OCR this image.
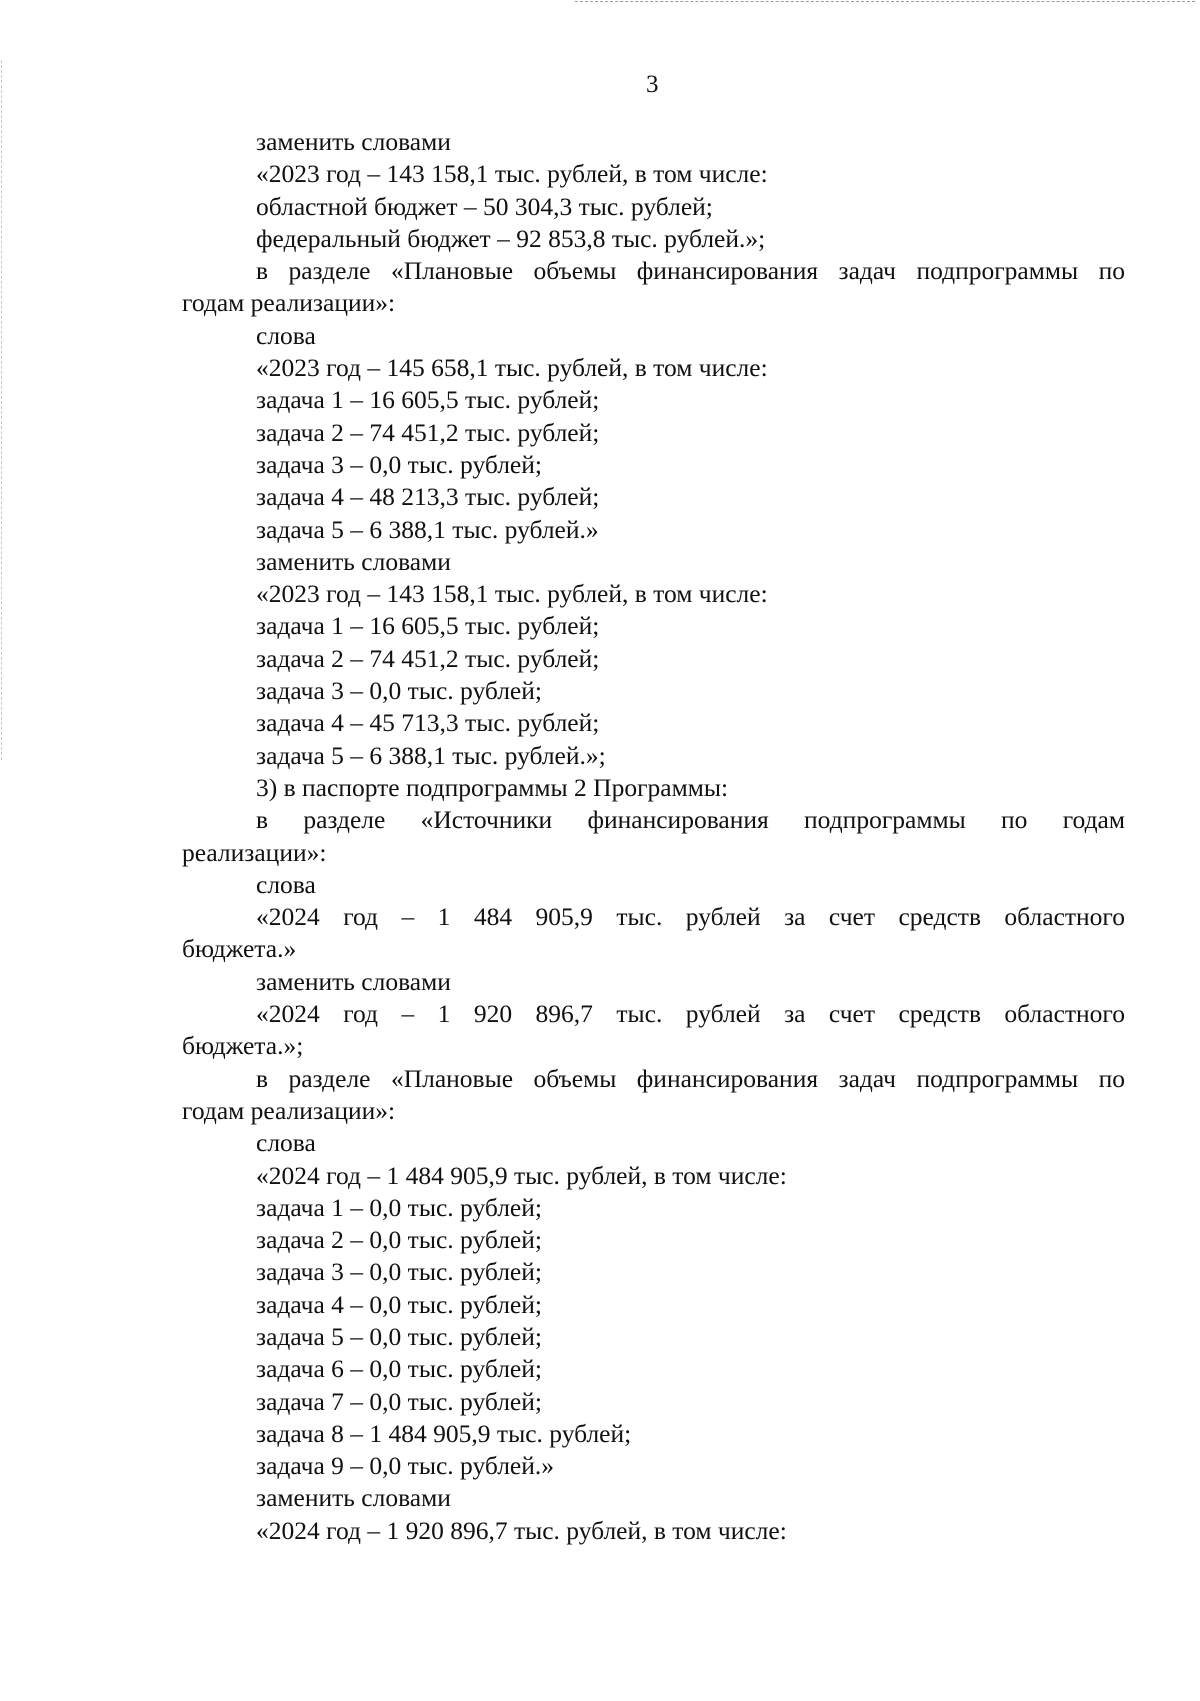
3
заменить словами
«2023 год – 143 158,1 тыс. рублей, в том числе:
областной бюджет – 50 304,3 тыс. рублей;
федеральный бюджет – 92 853,8 тыс. рублей.»;
в разделе «Плановые объемы финансирования задач подпрограммы по
годам реализации»:
слова
«2023 год – 145 658,1 тыс. рублей, в том числе:
задача 1 – 16 605,5 тыс. рублей;
задача 2 – 74 451,2 тыс. рублей;
задача 3 – 0,0 тыс. рублей;
задача 4 – 48 213,3 тыс. рублей;
задача 5 – 6 388,1 тыс. рублей.»
заменить словами
«2023 год – 143 158,1 тыс. рублей, в том числе:
задача 1 – 16 605,5 тыс. рублей;
задача 2 – 74 451,2 тыс. рублей;
задача 3 – 0,0 тыс. рублей;
задача 4 – 45 713,3 тыс. рублей;
задача 5 – 6 388,1 тыс. рублей.»;
3) в паспорте подпрограммы 2 Программы:
в разделе «Источники финансирования подпрограммы по годам
реализации»:
слова
«2024 год – 1 484 905,9 тыс. рублей за счет средств областного
бюджета.»
заменить словами
«2024 год – 1 920 896,7 тыс. рублей за счет средств областного
бюджета.»;
в разделе «Плановые объемы финансирования задач подпрограммы по
годам реализации»:
слова
«2024 год – 1 484 905,9 тыс. рублей, в том числе:
задача 1 – 0,0 тыс. рублей;
задача 2 – 0,0 тыс. рублей;
задача 3 – 0,0 тыс. рублей;
задача 4 – 0,0 тыс. рублей;
задача 5 – 0,0 тыс. рублей;
задача 6 – 0,0 тыс. рублей;
задача 7 – 0,0 тыс. рублей;
задача 8 – 1 484 905,9 тыс. рублей;
задача 9 – 0,0 тыс. рублей.»
заменить словами
«2024 год – 1 920 896,7 тыс. рублей, в том числе:
